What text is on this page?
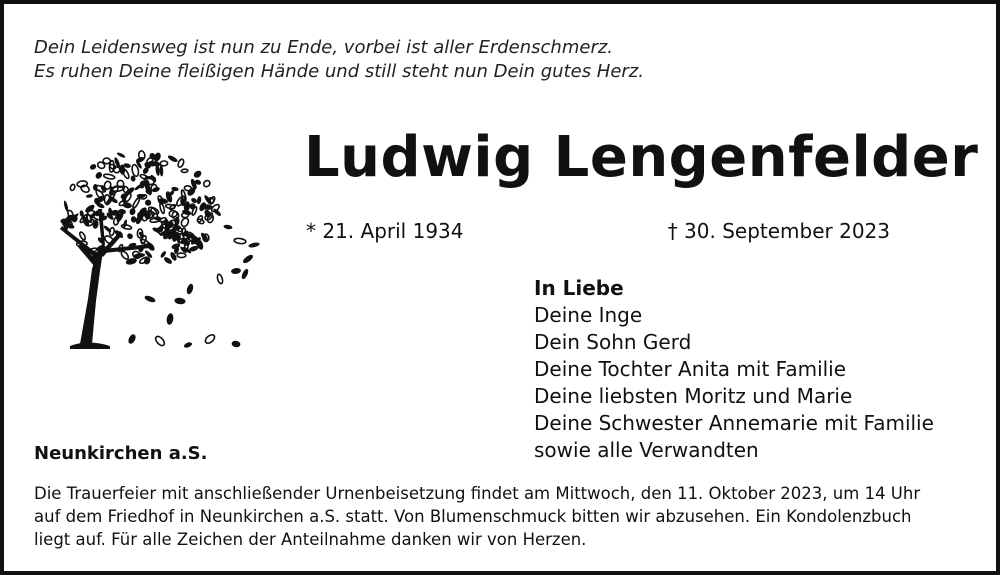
Dein Leidensweg ist nun zu Ende, vorbei ist aller Erdenschmerz.
Es ruhen Deine fleißigen Hände und still steht nun Dein gutes Herz.
Ludwig Lengenfelder
* 21. April 1934	† 30. September 2023
In Liebe
Deine Inge
Dein Sohn Gerd
Deine Tochter Anita mit Familie
Deine liebsten Moritz und Marie
Deine Schwester Annemarie mit Familie
sowie alle Verwandten
Neunkirchen a.S.
Die Trauerfeier mit anschließender Urnenbeisetzung findet am Mittwoch, den 11. Oktober 2023, um 14 Uhr
auf dem Friedhof in Neunkirchen a.S. statt. Von Blumenschmuck bitten wir abzusehen. Ein Kondolenzbuch
liegt auf. Für alle Zeichen der Anteilnahme danken wir von Herzen.
